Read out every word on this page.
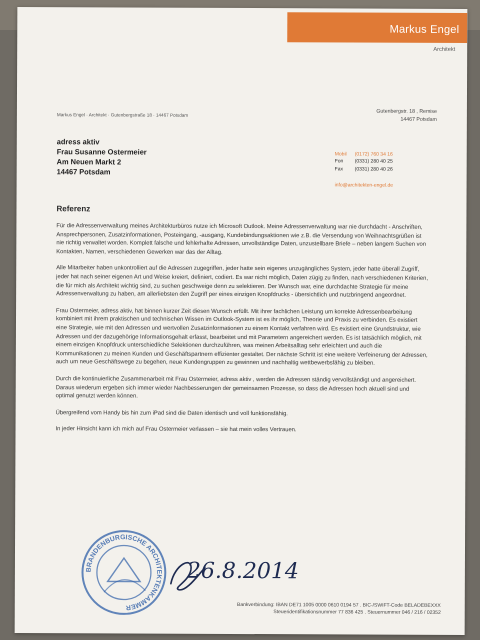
Markus Engel
Architekt
Gutenbergstr. 18 , Remise
14467 Potsdam
Markus Engel · Architekt · Gutenbergstraße 18 · 14467 Potsdam
adress aktiv
Frau Susanne Ostermeier
Am Neuen Markt 2
14467 Potsdam
Mobil (0172) 760 34 16
Fon (0331) 280 40 25
Fax (0331) 280 40 26
info@architekten-engel.de
Referenz

Für die Adressenverwaltung meines Architekturbüros nutze ich Microsoft Outlook. Meine Adressenverwaltung war nie durchdacht - Anschriften, Ansprechpersonen, Zusatzinformationen, Posteingang, -ausgang, Kundebindungsaktionen wie z.B. die Versendung von Weihnachtsgrüßen ist nie richtig verwaltet worden. Komplett falsche und fehlerhafte Adressen, unvollständige Daten, unzustellbare Briefe – neben langem Suchen von Kontakten, Namen, verschiedenen Gewerken war das der Alltag.

Alle Mitarbeiter haben unkontrolliert auf die Adressen zugegriffen, jeder hatte sein eigenes unzugängliches System, jeder hatte überall Zugriff, jeder hat nach seiner eigenen Art und Weise kreiert, definiert, codiert. Es war nicht möglich, Daten zügig zu finden, nach verschiedenen Kriterien, die für mich als Architekt wichtig sind, zu suchen geschweige denn zu selektieren. Der Wunsch war, eine durchdachte Strategie für meine Adressenverwaltung zu haben, am allerliebsten den Zugriff per eines einzigen Knopfdrucks - übersichtlich und nutzbringend angeordnet.

Frau Ostermeier, adress aktiv, hat binnen kurzer Zeit diesen Wunsch erfüllt. Mit ihrer fachlichen Leistung um korrekte Adressenbearbeitung kombiniert mit ihrem praktischen und technischen Wissen im Outlook-System ist es ihr möglich, Theorie und Praxis zu verbinden. Es existiert eine Strategie, wie mit den Adressen und wertvollen Zusatzinformationen zu einem Kontakt verfahren wird. Es existiert eine Grundstruktur, wie Adressen und der dazugehörige Informationsgehalt erfasst, bearbeitet und mit Parametern angereichert werden. Es ist tatsächlich möglich, mit einem einzigen Knopfdruck unterschiedliche Selektionen durchzuführen, was meinen Arbeitsalltag sehr erleichtert und auch die Kommunikationen zu meinen Kunden und Geschäftspartnern effizienter gestaltet. Der nächste Schritt ist eine weitere Verfeinerung der Adressen, auch um neue Geschäftswege zu begehen, neue Kundengruppen zu gewinnen und nachhaltig wettbewerbsfähig zu bleiben.

Durch die kontinuierliche Zusammenarbeit mit Frau Ostermeier, adress aktiv , werden die Adressen ständig vervollständigt und angereichert. Daraus wiederum ergeben sich immer wieder Nachbesserungen der gemeinsamen Prozesse, so dass die Adressen hoch aktuell sind und optimal genutzt werden können.

Übergreifend vom Handy bis hin zum iPad sind die Daten identisch und voll funktionsfähig.

In jeder Hinsicht kann ich mich auf Frau Ostermeier verlassen – sie hat mein volles Vertrauen.

BRANDENBURGISCHE ARCHITEKTENKAMMER
26.8.2014
Bankverbindung: IBAN DE71 1005 0000 0610 0194 57 . BIC-/SWIFT-Code BELADEBEXXX
Steueridentifikationsnummer 77 836 425 . Steuernummer 046 / 216 / 02352
